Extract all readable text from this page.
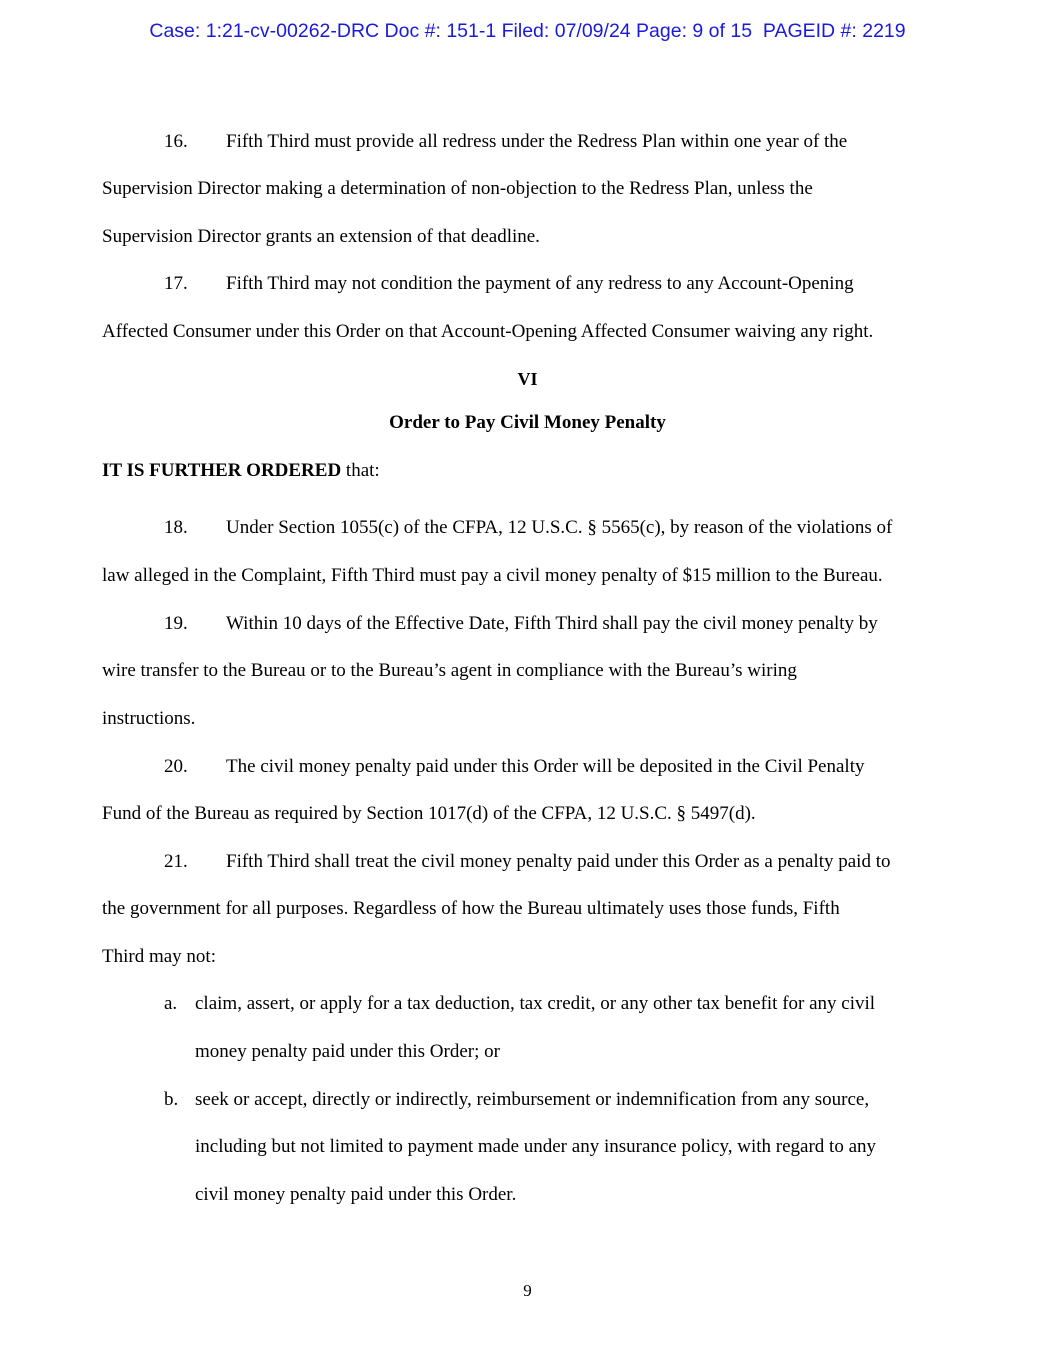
Case: 1:21-cv-00262-DRC Doc #: 151-1 Filed: 07/09/24 Page: 9 of 15  PAGEID #: 2219
16. Fifth Third must provide all redress under the Redress Plan within one year of the
Supervision Director making a determination of non-objection to the Redress Plan, unless the
Supervision Director grants an extension of that deadline.
17. Fifth Third may not condition the payment of any redress to any Account-Opening
Affected Consumer under this Order on that Account-Opening Affected Consumer waiving any right.
VI
Order to Pay Civil Money Penalty
IT IS FURTHER ORDERED that:
18. Under Section 1055(c) of the CFPA, 12 U.S.C. § 5565(c), by reason of the violations of
law alleged in the Complaint, Fifth Third must pay a civil money penalty of $15 million to the Bureau.
19. Within 10 days of the Effective Date, Fifth Third shall pay the civil money penalty by
wire transfer to the Bureau or to the Bureau’s agent in compliance with the Bureau’s wiring
instructions.
20. The civil money penalty paid under this Order will be deposited in the Civil Penalty
Fund of the Bureau as required by Section 1017(d) of the CFPA, 12 U.S.C. § 5497(d).
21. Fifth Third shall treat the civil money penalty paid under this Order as a penalty paid to
the government for all purposes. Regardless of how the Bureau ultimately uses those funds, Fifth
Third may not:
a. claim, assert, or apply for a tax deduction, tax credit, or any other tax benefit for any civil
money penalty paid under this Order; or
b. seek or accept, directly or indirectly, reimbursement or indemnification from any source,
including but not limited to payment made under any insurance policy, with regard to any
civil money penalty paid under this Order.
9
